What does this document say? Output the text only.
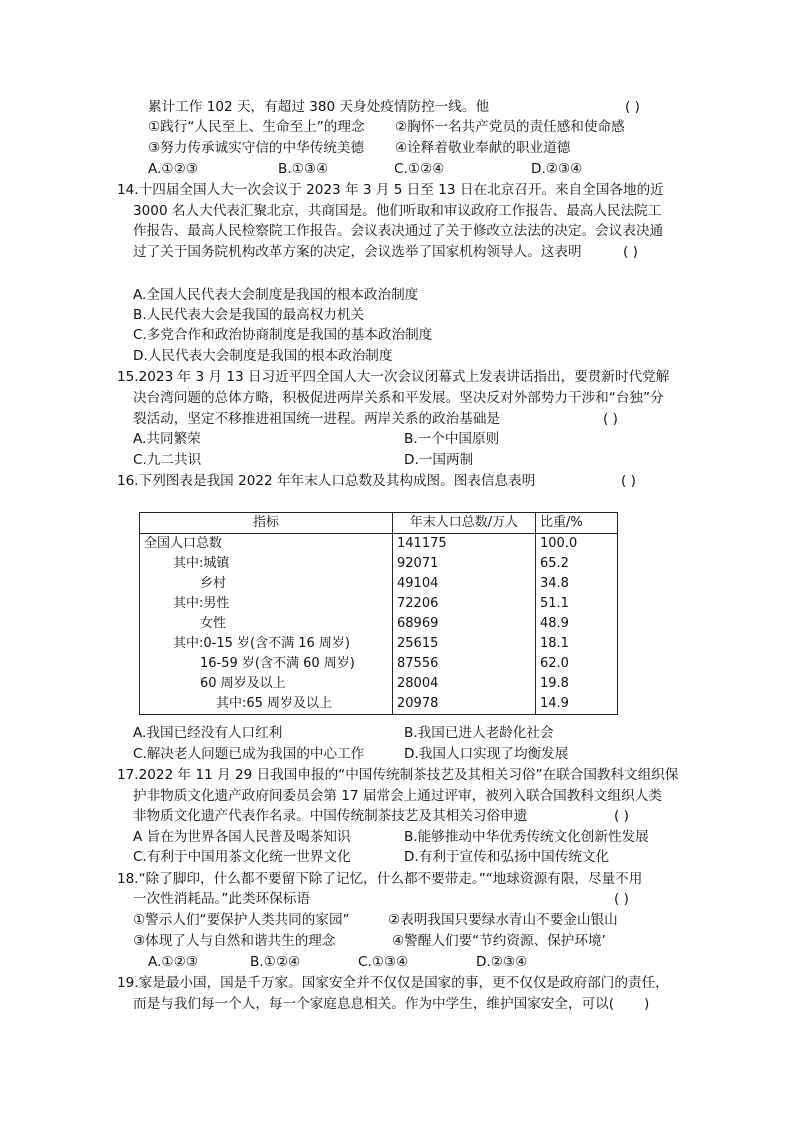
累计工作 102 天，有超过 380 天身处疫情防控一线。他	( )
①践行“人民至上、生命至上”的理念 ②胸怀一名共产党员的责任感和使命感
③努力传承诚实守信的中华传统美德 ④诠释着敬业奉献的职业道德
A.①②③	B.①③④	C.①②④	D.②③④
14.十四届全国人大一次会议于 2023 年 3 月 5 日至 13 日在北京召开。来自全国各地的近
3000 名人大代表汇聚北京，共商国是。他们听取和审议政府工作报告、最高人民法院工
作报告、最高人民检察院工作报告。会议表决通过了关于修改立法法的决定。会议表决通
过了关于国务院机构改革方案的决定，会议选举了国家机构领导人。这表明	( )
A.全国人民代表大会制度是我国的根本政治制度
B.人民代表大会是我国的最高权力机关
C.多党合作和政治协商制度是我国的基本政治制度
D.人民代表大会制度是我国的根本政治制度
15.2023 年 3 月 13 日习近平四全国人大一次会议闭幕式上发表讲话指出，要贯新时代党解
决台湾问题的总体方略，积极促进两岸关系和平发展。坚决反对外部势力干涉和“台独”分
裂活动，坚定不移推进祖国统一进程。两岸关系的政治基础是	( )
A.共同繁荣	B.一个中国原则
C.九二共识	D.一国两制
16.下列图表是我国 2022 年年末人口总数及其构成图。图表信息表明	( )
指标	年末人口总数/万人	比重/%
全国人口总数	141175	100.0
其中:城镇	92071	65.2
乡村	49104	34.8
其中:男性	72206	51.1
女性	68969	48.9
其中:0-15 岁(含不满 16 周岁)	25615	18.1
16-59 岁(含不满 60 周岁)	87556	62.0
60 周岁及以上	28004	19.8
其中:65 周岁及以上	20978	14.9
A.我国已经没有人口红利	B.我国已进人老龄化社会
C.解决老人问题已成为我国的中心工作	D.我国人口实现了均衡发展
17.2022 年 11 月 29 日我国申报的“中国传统制茶技艺及其相关习俗”在联合国教科文组织保
护非物质文化遗产政府间委员会第 17 届常会上通过评审，被列入联合国教科文组织人类
非物质文化遗产代表作名录。中国传统制茶技艺及其相关习俗申遗	( )
A 旨在为世界各国人民普及喝茶知识	B.能够推动中华优秀传统文化创新性发展
C.有利于中国用茶文化统一世界文化	D.有利于宣传和弘扬中国传统文化
18.“除了脚印，什么都不要留下除了记忆，什么都不要带走。”“地球资源有限，尽量不用
一次性消耗品。”此类环保标语	( )
①警示人们“要保护人类共同的家园”	②表明我国只要绿水青山不要金山银山
③体现了人与自然和谐共生的理念	④警醒人们要“节约资源、保护环境’
A.①②③	B.①②④	C.①③④	D.②③④
19.家是最小国，国是千万家。国家安全并不仅仅是国家的事，更不仅仅是政府部门的责任，
而是与我们每一个人，每一个家庭息息相关。作为中学生，维护国家安全，可以( )
